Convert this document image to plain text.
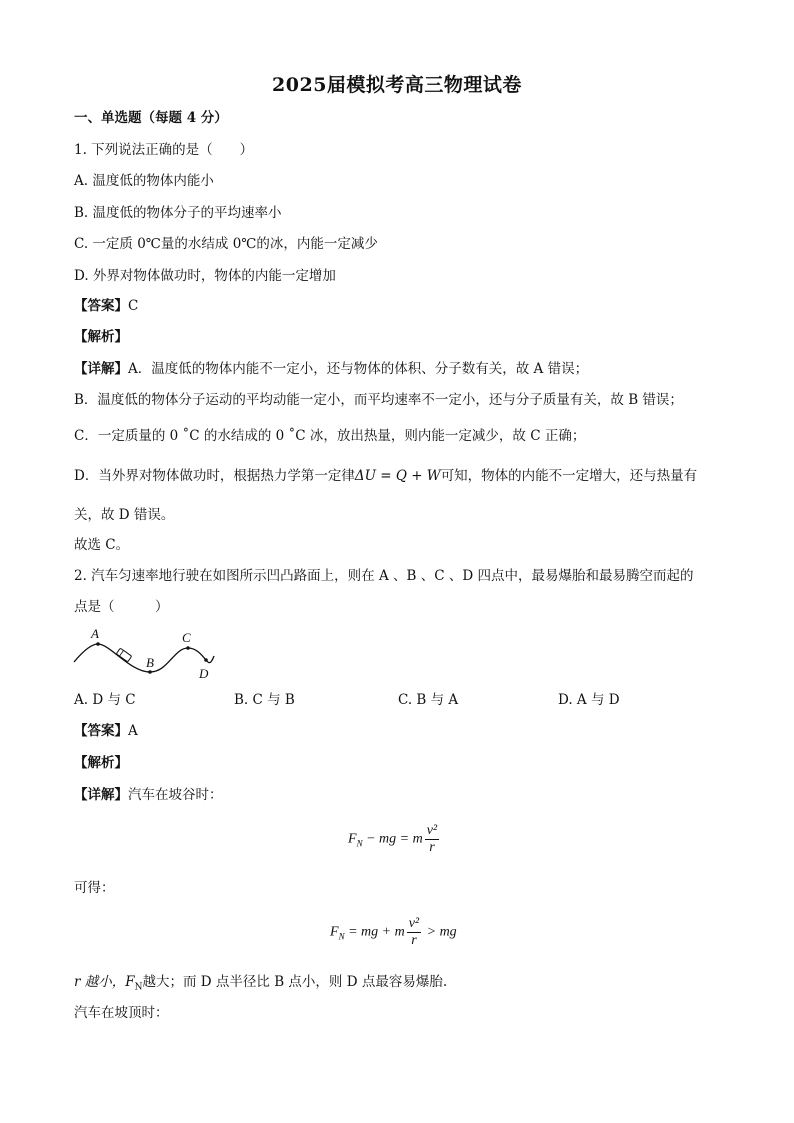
2025届模拟考高三物理试卷
一、单选题（每题 4 分）
1. 下列说法正确的是（　　）
A. 温度低的物体内能小
B. 温度低的物体分子的平均速率小
C. 一定质 0℃量的水结成 0℃的冰，内能一定减少
D. 外界对物体做功时，物体的内能一定增加
【答案】C
【解析】
【详解】A．温度低的物体内能不一定小，还与物体的体积、分子数有关，故 A 错误；
B．温度低的物体分子运动的平均动能一定小，而平均速率不一定小，还与分子质量有关，故 B 错误；
C．一定质量的 0 ˚C 的水结成的 0 ˚C 冰，放出热量，则内能一定减少，故 C 正确；
D．当外界对物体做功时，根据热力学第一定律ΔU = Q + W可知，物体的内能不一定增大，还与热量有
关，故 D 错误。
故选 C。
2. 汽车匀速率地行驶在如图所示凹凸路面上，则在 A 、B 、C 、D 四点中，最易爆胎和最易腾空而起的
点是（　　　）
A
B
C
D
A. D 与 C	B. C 与 B	C. B 与 A	D. A 与 D
【答案】A
【解析】
【详解】汽车在坡谷时：
$F_N$ − mg = m $\frac{\text{v²}}{r}$
可得：
$F_N$ = mg + m $\frac{\text{v²}}{r}$ > mg
r 越小，$F_N$越大；而 D 点半径比 B 点小，则 D 点最容易爆胎.
汽车在坡顶时：
